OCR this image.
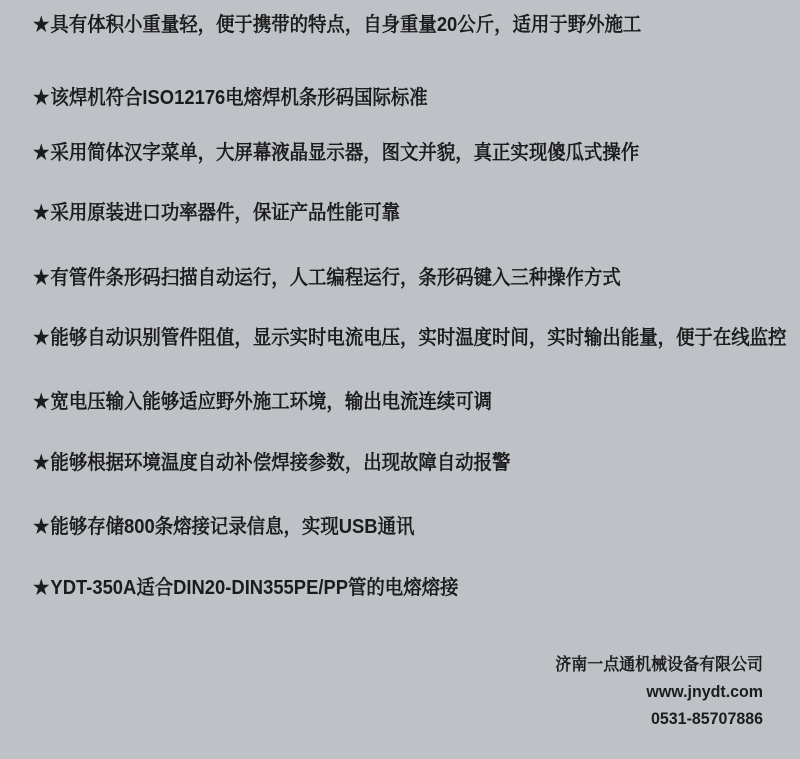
★具有体积小重量轻，便于携带的特点，自身重量20公斤，适用于野外施工
★该焊机符合ISO12176电熔焊机条形码国际标准
★采用简体汉字菜单，大屏幕液晶显示器，图文并貌，真正实现傻瓜式操作
★采用原装进口功率器件，保证产品性能可靠
★有管件条形码扫描自动运行，人工编程运行，条形码键入三种操作方式
★能够自动识别管件阻值，显示实时电流电压，实时温度时间，实时输出能量，便于在线监控
★宽电压输入能够适应野外施工环境，输出电流连续可调
★能够根据环境温度自动补偿焊接参数，出现故障自动报警
★能够存储800条熔接记录信息，实现USB通讯
★YDT-350A适合DIN20-DIN355PE/PP管的电熔熔接
济南一点通机械设备有限公司
www.jnydt.com
0531-85707886
